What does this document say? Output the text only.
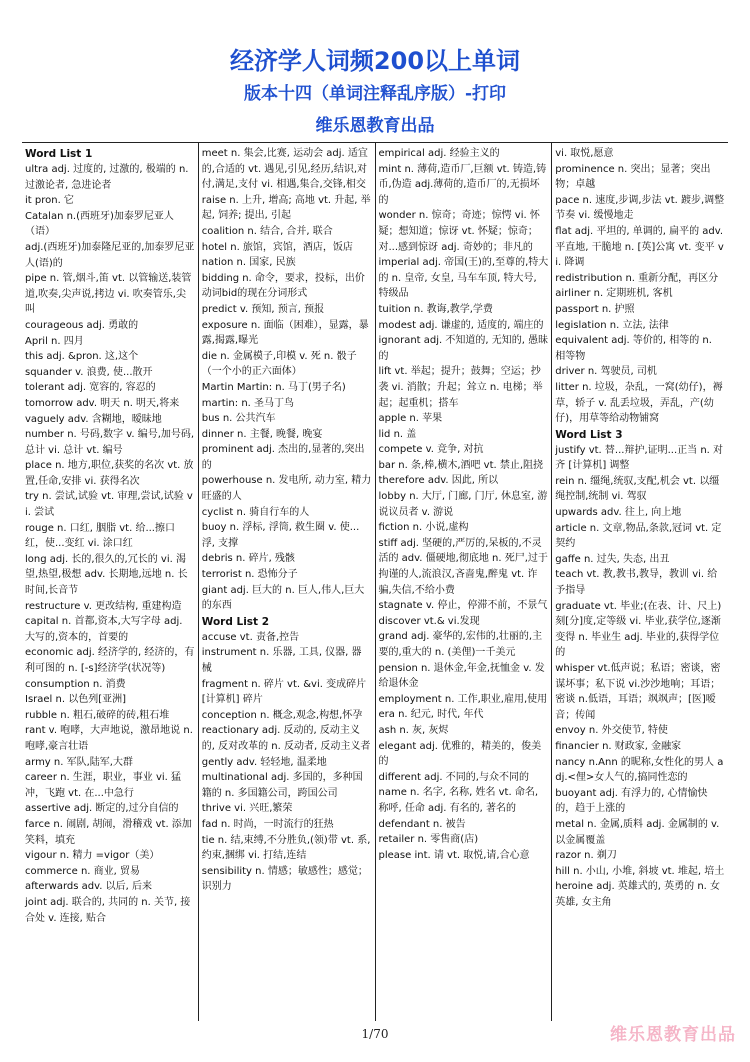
经济学人词频200以上单词
版本十四（单词注释乱序版）-打印
维乐恩教育出品

Word List 1

ultra adj. 过度的, 过激的, 极端的 n. 过激论者, 急进论者

it pron. 它

Catalan n.(西班牙)加泰罗尼亚人（语）

adj.(西班牙)加泰隆尼亚的,加泰罗尼亚人(语)的

pipe n. 管,烟斗,笛 vt. 以管输送,装管道,吹奏,尖声说,拷边 vi. 吹奏管乐,尖叫

courageous adj. 勇敢的

April n. 四月

this adj. &pron. 这,这个

squander v. 浪费, 使...散开

tolerant adj. 宽容的, 容忍的

tomorrow adv. 明天 n. 明天,将来

vaguely adv. 含糊地，暧昧地

number n. 号码,数字 v. 编号,加号码,总计 vi. 总计 vt. 编号

place n. 地方,职位,获奖的名次 vt. 放置,任命,安排 vi. 获得名次

try n. 尝试,试验 vt. 审理,尝试,试验 vi. 尝试

rouge n. 口红, 胭脂 vt. 给...擦口红，使...变红 vi. 涂口红

long adj. 长的,很久的,冗长的 vi. 渴望,热望,极想 adv. 长期地,远地 n. 长时间,长音节

restructure v. 更改结构, 重建构造

capital n. 首都,资本,大写字母 adj. 大写的,资本的，首要的

economic adj. 经济学的, 经济的，有利可图的 n. [-s]经济学(状况等)

consumption n. 消费

Israel n. 以色列[亚洲]

rubble n. 粗石,破碎的砖,粗石堆

rant v. 咆哮，大声地说，激昂地说 n. 咆哮,豪言壮语

army n. 军队,陆军,大群

career n. 生涯，职业，事业 vi. 猛冲，飞跑 vt. 在...中急行

assertive adj. 断定的,过分自信的

farce n. 闹剧, 胡闹，滑稽戏 vt. 添加笑料，填充

vigour n. 精力 =vigor（美）

commerce n. 商业, 贸易

afterwards adv. 以后, 后来

joint adj. 联合的, 共同的 n. 关节, 接合处 v. 连接, 贴合

meet n. 集会,比赛, 运动会 adj. 适宜的,合适的 vt. 遇见,引见,经历,结识,对付,满足,支付 vi. 相遇,集合,交锋,相交

raise n. 上升, 增高; 高地 vt. 升起, 举起, 饲养; 提出, 引起

coalition n. 结合, 合并, 联合

hotel n. 旅馆，宾馆，酒店，饭店

nation n. 国家, 民族

bidding n. 命令，要求，投标，出价 动词bid的现在分词形式

predict v. 预知, 预言, 预报

exposure n. 面临（困难），显露，暴露,揭露,曝光

die n. 金属模子,印模 v. 死 n. 骰子（一个小的正六面体）

Martin Martin: n. 马丁(男子名)

martin: n. 圣马丁鸟

bus n. 公共汽车

dinner n. 主餐, 晚餐, 晚宴

prominent adj. 杰出的,显著的,突出的

powerhouse n. 发电所, 动力室, 精力旺盛的人

cyclist n. 骑自行车的人

buoy n. 浮标, 浮筒, 救生圈 v. 使...浮, 支撑

debris n. 碎片, 残骸

terrorist n. 恐怖分子

giant adj. 巨大的 n. 巨人,伟人,巨大的东西

Word List 2

accuse vt. 责备,控告

instrument n. 乐器, 工具, 仪器, 器械

fragment n. 碎片 vt. &vi. 变成碎片 [计算机] 碎片

conception n. 概念,观念,构想,怀孕

reactionary adj. 反动的, 反动主义的, 反对改革的 n. 反动者, 反动主义者

gently adv. 轻轻地, 温柔地

multinational adj. 多国的，多种国籍的 n. 多国籍公司，跨国公司

thrive vi. 兴旺,繁荣

fad n. 时尚，一时流行的狂热

tie n. 结,束缚,不分胜负,(领)带 vt. 系,约束,捆绑 vi. 打结,连结

sensibility n. 情感；敏感性；感觉；识别力

empirical adj. 经验主义的

mint n. 薄荷,造币厂,巨额 vt. 铸造,铸币,伪造 adj.薄荷的,造币厂的,无损坏的

wonder n. 惊奇；奇迹；惊愕 vi. 怀疑；想知道；惊讶 vt. 怀疑；惊奇；对...感到惊讶 adj. 奇妙的；非凡的

imperial adj. 帝国(王)的,至尊的,特大的 n. 皇帝, 女皇, 马车车顶, 特大号, 特级品

tuition n. 教诲,教学,学费

modest adj. 谦虚的, 适度的, 端庄的

ignorant adj. 不知道的, 无知的, 愚昧的

lift vt. 举起；提升；鼓舞；空运；抄袭 vi. 消散；升起；耸立 n. 电梯；举起；起重机；搭车

apple n. 苹果

lid n. 盖

compete v. 竞争, 对抗

bar n. 条,棒,横木,酒吧 vt. 禁止,阻挠

therefore adv. 因此, 所以

lobby n. 大厅, 门廊, 门厅, 休息室, 游说议员者 v. 游说

fiction n. 小说,虚构

stiff adj. 坚硬的,严厉的,呆板的,不灵活的 adv. 僵硬地,彻底地 n. 死尸,过于拘谨的人,流浪汉,吝啬鬼,醉鬼 vt. 诈骗,失信,不给小费

stagnate v. 停止，停滞不前，不景气

discover vt.& vi.发现

grand adj. 豪华的,宏伟的,壮丽的,主要的,重大的 n. (美俚)一千美元

pension n. 退休金,年金,抚恤金 v. 发给退休金

employment n. 工作,职业,雇用,使用

era n. 纪元, 时代, 年代

ash n. 灰, 灰烬

elegant adj. 优雅的，精美的，俊美的

different adj. 不同的,与众不同的

name n. 名字, 名称, 姓名 vt. 命名, 称呼, 任命 adj. 有名的, 著名的

defendant n. 被告

retailer n. 零售商(店)

please int. 请 vt. 取悦,请,合心意

vi. 取悦,愿意

prominence n. 突出；显著；突出物；卓越

pace n. 速度,步调,步法 vt. 踱步,调整节奏 vi. 缓慢地走

flat adj. 平坦的, 单调的, 扁平的 adv. 平直地, 干脆地 n. [英]公寓 vt. 变平 vi. 降调

redistribution n. 重新分配，再区分

airliner n. 定期班机, 客机

passport n. 护照

legislation n. 立法, 法律

equivalent adj. 等价的, 相等的 n. 相等物

driver n. 驾驶员, 司机

litter n. 垃圾，杂乱，一窝(幼仔)，褥草，轿子 v. 乱丢垃圾，弄乱，产(幼仔)，用草等给动物铺窝

Word List 3

justify vt. 替...辩护,证明...正当 n. 对齐 [计算机] 调整

rein n. 缰绳,统驭,支配,机会 vt. 以缰绳控制,统制 vi. 驾驭

upwards adv. 往上, 向上地

article n. 文章,物品,条款,冠词 vt. 定契约

gaffe n. 过失, 失态, 出丑

teach vt. 教,教书,教导，教训 vi. 给予指导

graduate vt. 毕业;(在表、计、尺上)刻[分]度,定等级 vi. 毕业,获学位,逐渐变得 n. 毕业生 adj. 毕业的,获得学位的

whisper vt.低声说；私语；密谈，密谋坏事；私下说 vi.沙沙地响；耳语；密谈 n.低语，耳语；飒飒声；[医]嗳音；传闻

envoy n. 外交使节, 特使

financier n. 财政家, 金融家

nancy n.Ann 的昵称,女性化的男人 adj.<俚>女人气的,搞同性恋的

buoyant adj. 有浮力的, 心情愉快的，趋于上涨的

metal n. 金属,质料 adj. 金属制的 v. 以金属覆盖

razor n. 剃刀

hill n. 小山, 小堆, 斜坡 vt. 堆起, 培土

heroine adj. 英雄式的, 英勇的 n. 女英雄, 女主角

1/70	维乐恩教育出品
